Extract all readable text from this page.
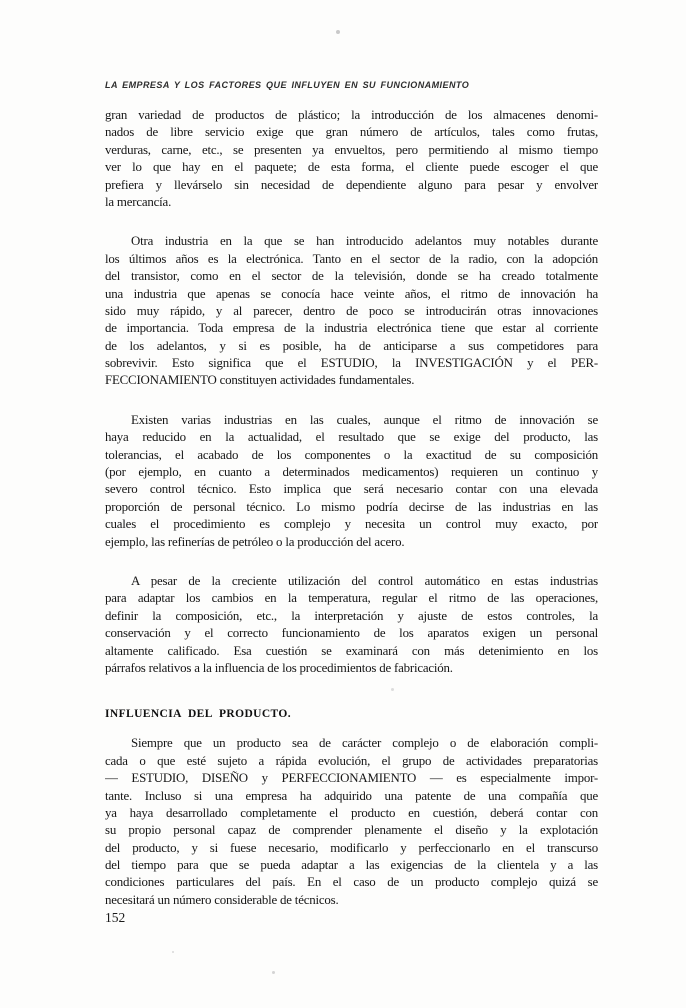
LA EMPRESA Y LOS FACTORES QUE INFLUYEN EN SU FUNCIONAMIENTO
gran variedad de productos de plástico; la introducción de los almacenes denomi-
nados de libre servicio exige que gran número de artículos, tales como frutas,
verduras, carne, etc., se presenten ya envueltos, pero permitiendo al mismo tiempo
ver lo que hay en el paquete; de esta forma, el cliente puede escoger el que
prefiera y llevárselo sin necesidad de dependiente alguno para pesar y envolver
la mercancía.
Otra industria en la que se han introducido adelantos muy notables durante
los últimos años es la electrónica. Tanto en el sector de la radio, con la adopción
del transistor, como en el sector de la televisión, donde se ha creado totalmente
una industria que apenas se conocía hace veinte años, el ritmo de innovación ha
sido muy rápido, y al parecer, dentro de poco se introducirán otras innovaciones
de importancia. Toda empresa de la industria electrónica tiene que estar al corriente
de los adelantos, y si es posible, ha de anticiparse a sus competidores para
sobrevivir. Esto significa que el ESTUDIO, la INVESTIGACIÓN y el PER-
FECCIONAMIENTO constituyen actividades fundamentales.
Existen varias industrias en las cuales, aunque el ritmo de innovación se
haya reducido en la actualidad, el resultado que se exige del producto, las
tolerancias, el acabado de los componentes o la exactitud de su composición
(por ejemplo, en cuanto a determinados medicamentos) requieren un continuo y
severo control técnico. Esto implica que será necesario contar con una elevada
proporción de personal técnico. Lo mismo podría decirse de las industrias en las
cuales el procedimiento es complejo y necesita un control muy exacto, por
ejemplo, las refinerías de petróleo o la producción del acero.
A pesar de la creciente utilización del control automático en estas industrias
para adaptar los cambios en la temperatura, regular el ritmo de las operaciones,
definir la composición, etc., la interpretación y ajuste de estos controles, la
conservación y el correcto funcionamiento de los aparatos exigen un personal
altamente calificado. Esa cuestión se examinará con más detenimiento en los
párrafos relativos a la influencia de los procedimientos de fabricación.
INFLUENCIA DEL PRODUCTO.
Siempre que un producto sea de carácter complejo o de elaboración compli-
cada o que esté sujeto a rápida evolución, el grupo de actividades preparatorias
— ESTUDIO, DISEÑO y PERFECCIONAMIENTO — es especialmente impor-
tante. Incluso si una empresa ha adquirido una patente de una compañía que
ya haya desarrollado completamente el producto en cuestión, deberá contar con
su propio personal capaz de comprender plenamente el diseño y la explotación
del producto, y si fuese necesario, modificarlo y perfeccionarlo en el transcurso
del tiempo para que se pueda adaptar a las exigencias de la clientela y a las
condiciones particulares del país. En el caso de un producto complejo quizá se
necesitará un número considerable de técnicos.
152
